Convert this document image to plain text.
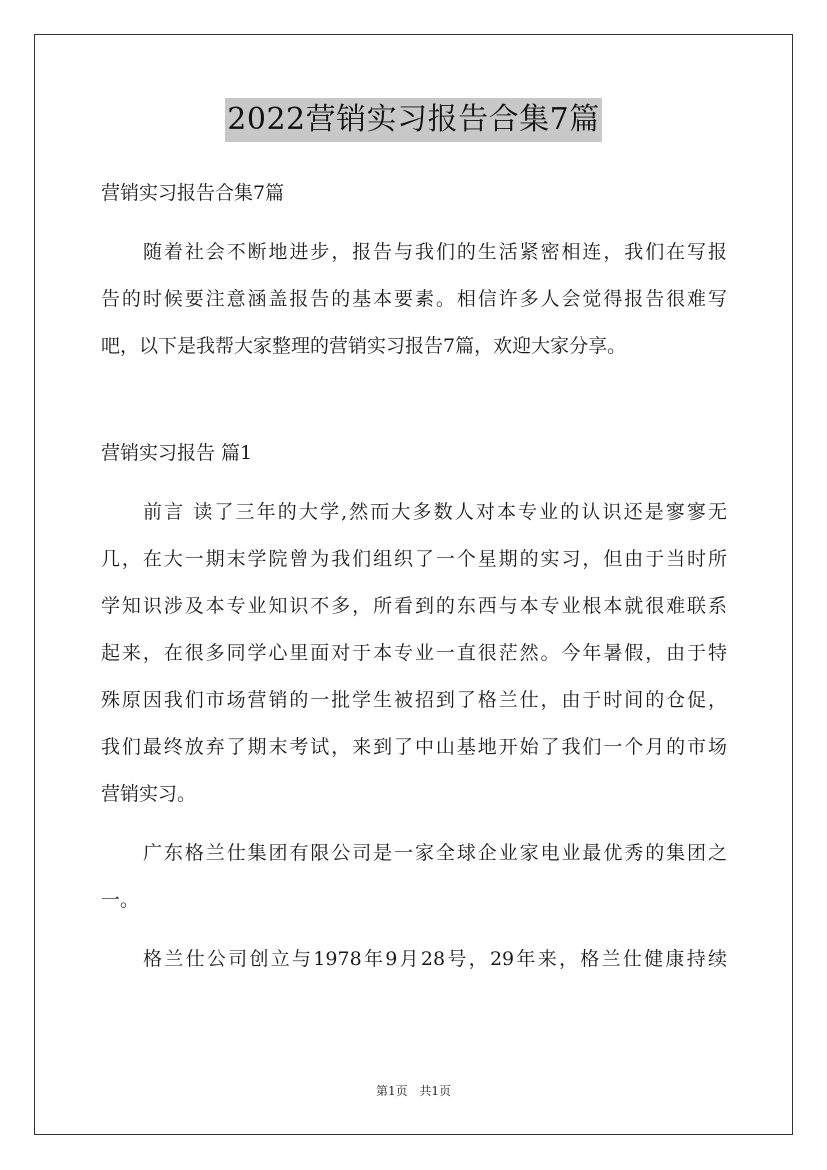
2022营销实习报告合集7篇
营销实习报告合集7篇
随着社会不断地进步，报告与我们的生活紧密相连，我们在写报
告的时候要注意涵盖报告的基本要素。相信许多人会觉得报告很难写
吧，以下是我帮大家整理的营销实习报告7篇，欢迎大家分享。
营销实习报告 篇1
前言 读了三年的大学,然而大多数人对本专业的认识还是寥寥无
几，在大一期末学院曾为我们组织了一个星期的实习，但由于当时所
学知识涉及本专业知识不多，所看到的东西与本专业根本就很难联系
起来，在很多同学心里面对于本专业一直很茫然。今年暑假，由于特
殊原因我们市场营销的一批学生被招到了格兰仕，由于时间的仓促，
我们最终放弃了期末考试，来到了中山基地开始了我们一个月的市场
营销实习。
广东格兰仕集团有限公司是一家全球企业家电业最优秀的集团之
一。
格兰仕公司创立与1978年9月28号，29年来，格兰仕健康持续
第1页 共1页
